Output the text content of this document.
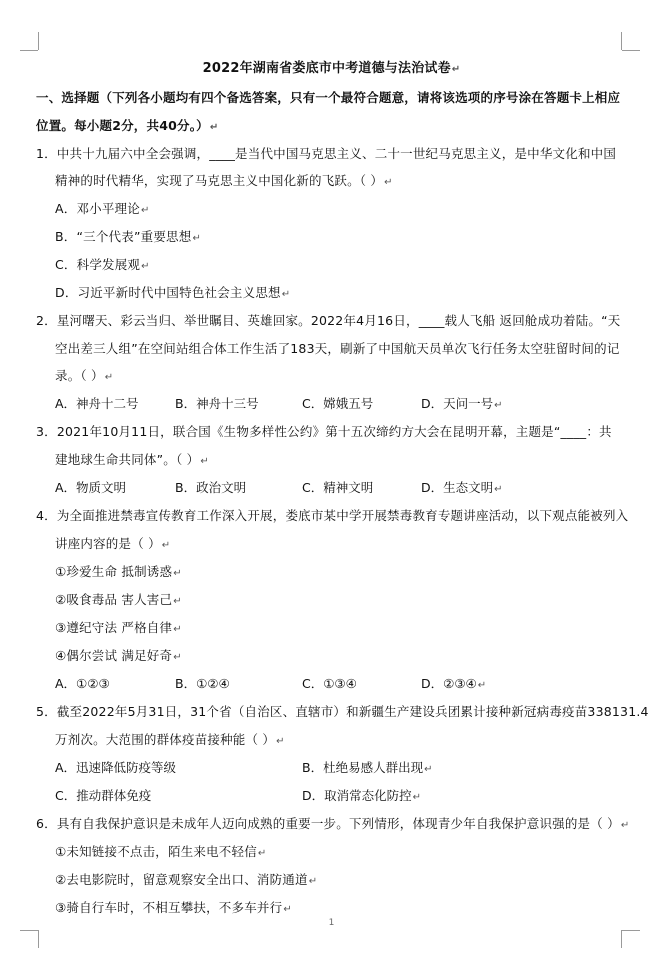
2022年湖南省娄底市中考道德与法治试卷↵
一、选择题（下列各小题均有四个备选答案，只有一个最符合题意，请将该选项的序号涂在答题卡上相应
位置。每小题2分，共40分。）↵
1．中共十九届六中全会强调，____是当代中国马克思主义、二十一世纪马克思主义，是中华文化和中国
精神的时代精华，实现了马克思主义中国化新的飞跃。（ ）↵
A．邓小平理论↵
B．“三个代表”重要思想↵
C．科学发展观↵
D．习近平新时代中国特色社会主义思想↵
2．星河曙天、彩云当归、举世瞩目、英雄回家。2022年4月16日，____载人飞船 返回舱成功着陆。“天
空出差三人组”在空间站组合体工作生活了183天，刷新了中国航天员单次飞行任务太空驻留时间的记
录。（ ）↵
A．神舟十二号	B．神舟十三号	C．嫦娥五号	D．天问一号↵
3．2021年10月11日，联合国《生物多样性公约》第十五次缔约方大会在昆明开幕，主题是“____：共
建地球生命共同体”。（ ）↵
A．物质文明	B．政治文明	C．精神文明	D．生态文明↵
4．为全面推进禁毒宣传教育工作深入开展，娄底市某中学开展禁毒教育专题讲座活动，以下观点能被列入
讲座内容的是（ ）↵
①珍爱生命 抵制诱惑↵
②吸食毒品 害人害己↵
③遵纪守法 严格自律↵
④偶尔尝试 满足好奇↵
A．①②③	B．①②④	C．①③④	D．②③④↵
5．截至2022年5月31日，31个省（自治区、直辖市）和新疆生产建设兵团累计接种新冠病毒疫苗338131.4
万剂次。大范围的群体疫苗接种能（ ）↵
A．迅速降低防疫等级	B．杜绝易感人群出现↵
C．推动群体免疫	D．取消常态化防控↵
6．具有自我保护意识是未成年人迈向成熟的重要一步。下列情形，体现青少年自我保护意识强的是（ ）↵
①未知链接不点击，陌生来电不轻信↵
②去电影院时，留意观察安全出口、消防通道↵
③骑自行车时，不相互攀扶，不多车并行↵
1
